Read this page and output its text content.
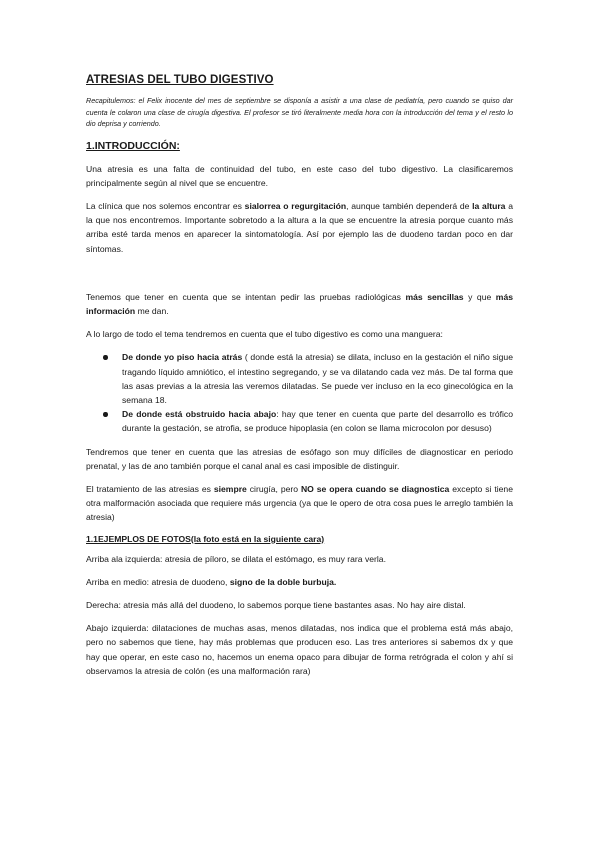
ATRESIAS DEL TUBO DIGESTIVO

Recapitulemos: el Felix inocente del mes de septiembre se disponía a asistir a una clase de pediatría, pero cuando se quiso dar cuenta le colaron una clase de cirugía digestiva. El profesor se tiró literalmente media hora con la introducción del tema y el resto lo dio deprisa y corriendo.

1.INTRODUCCIÓN:

Una atresia es una falta de continuidad del tubo, en este caso del tubo digestivo. La clasificaremos principalmente según al nivel que se encuentre.

La clínica que nos solemos encontrar es sialorrea o regurgitación, aunque también dependerá de la altura a la que nos encontremos. Importante sobretodo a la altura a la que se encuentre la atresia porque cuanto más arriba esté tarda menos en aparecer la sintomatología. Así por ejemplo las de duodeno tardan poco en dar síntomas.

Tenemos que tener en cuenta que se intentan pedir las pruebas radiológicas más sencillas y que más información me dan.

A lo largo de todo el tema tendremos en cuenta que el tubo digestivo es como una manguera:

De donde yo piso hacia atrás ( donde está la atresia) se dilata, incluso en la gestación el niño sigue tragando líquido amniótico, el intestino segregando, y se va dilatando cada vez más. De tal forma que las asas previas a la atresia las veremos dilatadas. Se puede ver incluso en la eco ginecológica en la semana 18.
De donde está obstruido hacia abajo: hay que tener en cuenta que parte del desarrollo es trófico durante la gestación, se atrofia, se produce hipoplasia (en colon se llama microcolon por desuso)

Tendremos que tener en cuenta que las atresias de esófago son muy difíciles de diagnosticar en periodo prenatal, y las de ano también porque el canal anal es casi imposible de distinguir.

El tratamiento de las atresias es siempre cirugía, pero NO se opera cuando se diagnostica excepto si tiene otra malformación asociada que requiere más urgencia (ya que le opero de otra cosa pues le arreglo también la atresia)

1.1EJEMPLOS DE FOTOS(la foto está en la siguiente cara)

Arriba ala izquierda: atresia de píloro, se dilata el estómago, es muy rara verla.

Arriba en medio: atresia de duodeno, signo de la doble burbuja.

Derecha: atresia más allá del duodeno, lo sabemos porque tiene bastantes asas. No hay aire distal.

Abajo izquierda: dilataciones de muchas asas, menos dilatadas, nos indica que el problema está más abajo, pero no sabemos que tiene, hay más problemas que producen eso. Las tres anteriores si sabemos dx y que hay que operar, en este caso no, hacemos un enema opaco para dibujar de forma retrógrada el colon y ahí si observamos la atresia de colón (es una malformación rara)
